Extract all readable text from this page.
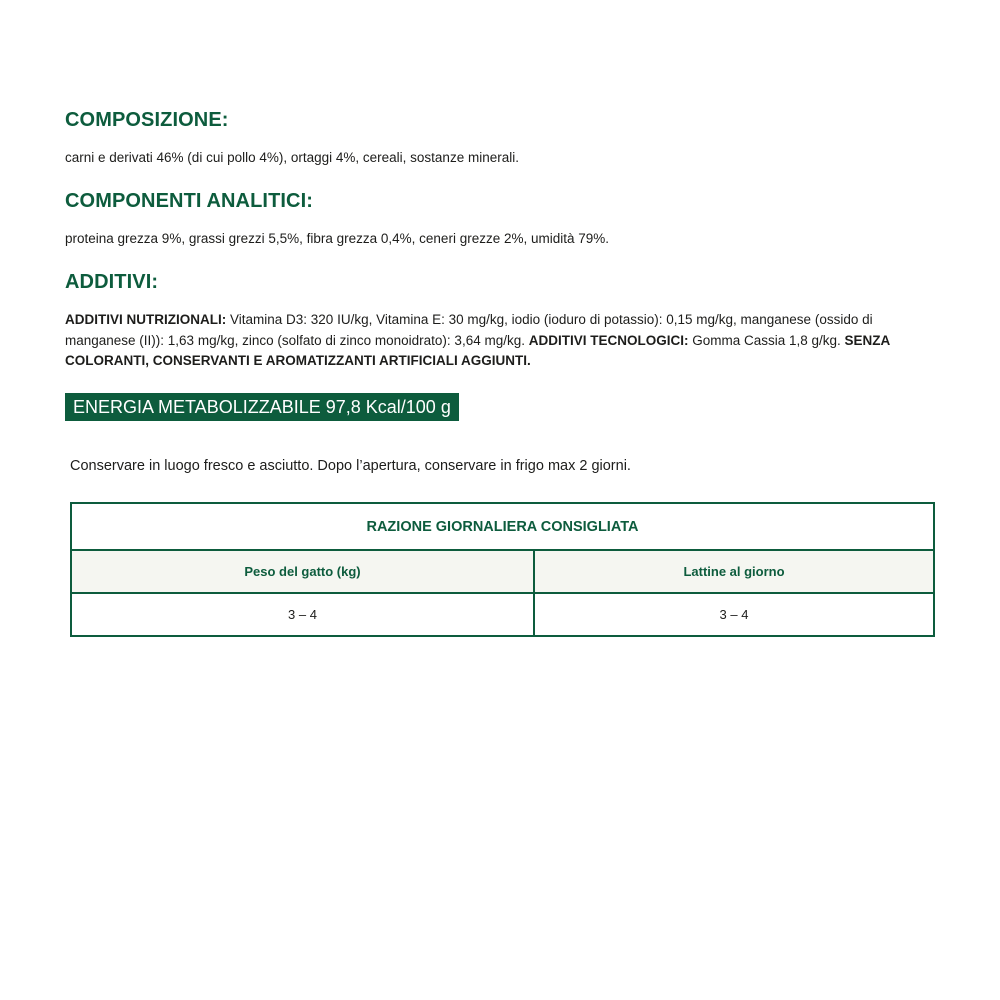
COMPOSIZIONE:

carni e derivati 46% (di cui pollo 4%), ortaggi 4%, cereali, sostanze minerali.

COMPONENTI ANALITICI:

proteina grezza 9%, grassi grezzi 5,5%, fibra grezza 0,4%, ceneri grezze 2%, umidità 79%.

ADDITIVI:

ADDITIVI NUTRIZIONALI: Vitamina D3: 320 IU/kg, Vitamina E: 30 mg/kg, iodio (ioduro di potassio): 0,15 mg/kg, manganese (ossido di manganese (II)): 1,63 mg/kg, zinco (solfato di zinco monoidrato): 3,64 mg/kg. ADDITIVI TECNOLOGICI: Gomma Cassia 1,8 g/kg. SENZA COLORANTI, CONSERVANTI E AROMATIZZANTI ARTIFICIALI AGGIUNTI.

ENERGIA METABOLIZZABILE 97,8 Kcal/100 g

Conservare in luogo fresco e asciutto. Dopo l’apertura, conservare in frigo max 2 giorni.

RAZIONE GIORNALIERA CONSIGLIATA	
Peso del gatto (kg)	Lattine al giorno
3 – 4	3 – 4
